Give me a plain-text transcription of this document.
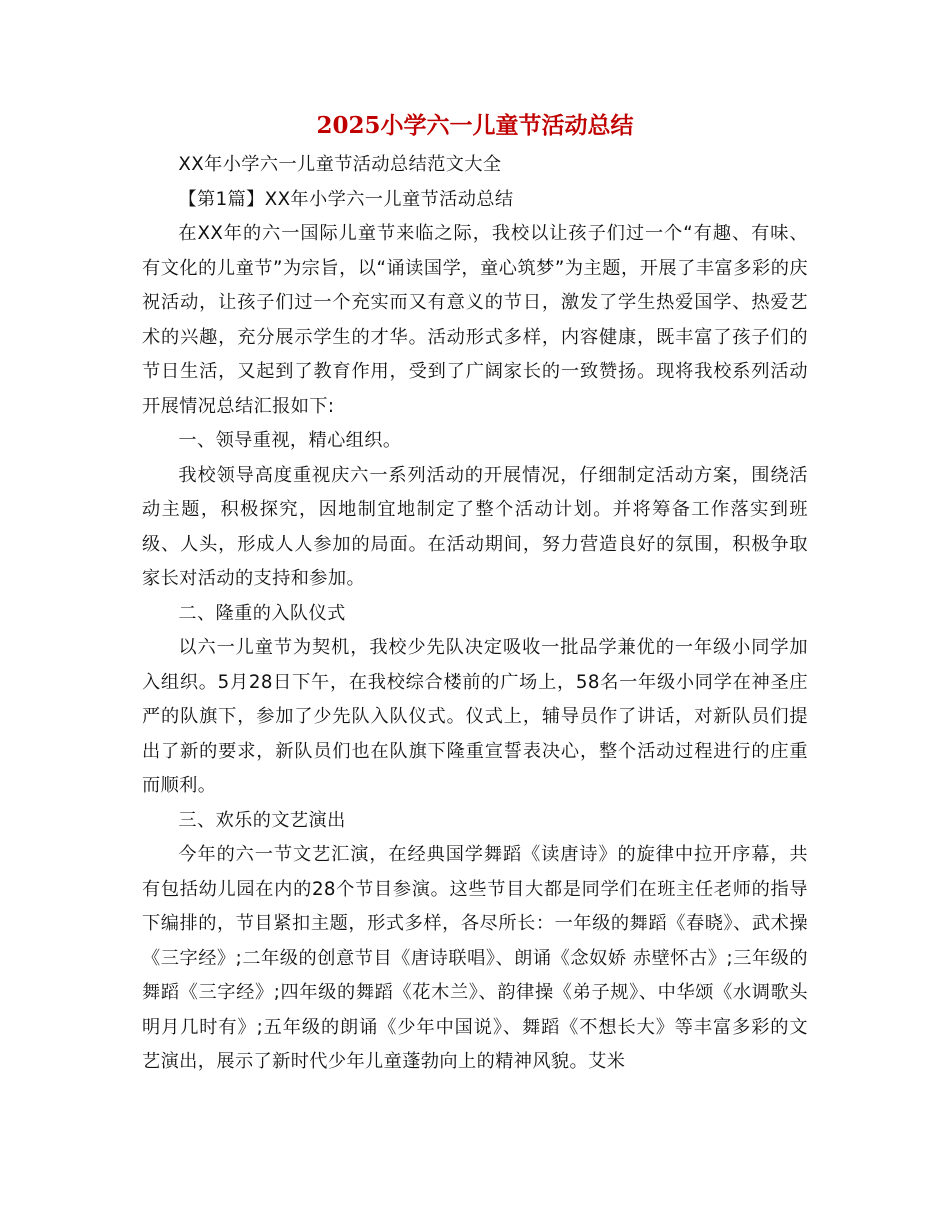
2025小学六一儿童节活动总结

XX年小学六一儿童节活动总结范文大全

【第1篇】XX年小学六一儿童节活动总结

在XX年的六一国际儿童节来临之际，我校以让孩子们过一个“有趣、有味、有文化的儿童节”为宗旨，以“诵读国学，童心筑梦”为主题，开展了丰富多彩的庆祝活动，让孩子们过一个充实而又有意义的节日，激发了学生热爱国学、热爱艺术的兴趣，充分展示学生的才华。活动形式多样，内容健康，既丰富了孩子们的节日生活，又起到了教育作用，受到了广阔家长的一致赞扬。现将我校系列活动开展情况总结汇报如下:

一、领导重视，精心组织。

我校领导高度重视庆六一系列活动的开展情况，仔细制定活动方案，围绕活动主题，积极探究，因地制宜地制定了整个活动计划。并将筹备工作落实到班级、人头，形成人人参加的局面。在活动期间，努力营造良好的氛围，积极争取家长对活动的支持和参加。

二、隆重的入队仪式

以六一儿童节为契机，我校少先队决定吸收一批品学兼优的一年级小同学加入组织。5月28日下午，在我校综合楼前的广场上，58名一年级小同学在神圣庄严的队旗下，参加了少先队入队仪式。仪式上，辅导员作了讲话，对新队员们提出了新的要求，新队员们也在队旗下隆重宣誓表决心，整个活动过程进行的庄重而顺利。

三、欢乐的文艺演出

今年的六一节文艺汇演，在经典国学舞蹈《读唐诗》的旋律中拉开序幕，共有包括幼儿园在内的28个节目参演。这些节目大都是同学们在班主任老师的指导下编排的，节目紧扣主题，形式多样，各尽所长：一年级的舞蹈《春晓》、武术操《三字经》;二年级的创意节目《唐诗联唱》、朗诵《念奴娇 赤壁怀古》;三年级的舞蹈《三字经》;四年级的舞蹈《花木兰》、韵律操《弟子规》、中华颂《水调歌头 明月几时有》;五年级的朗诵《少年中国说》、舞蹈《不想长大》等丰富多彩的文艺演出，展示了新时代少年儿童蓬勃向上的精神风貌。艾米
